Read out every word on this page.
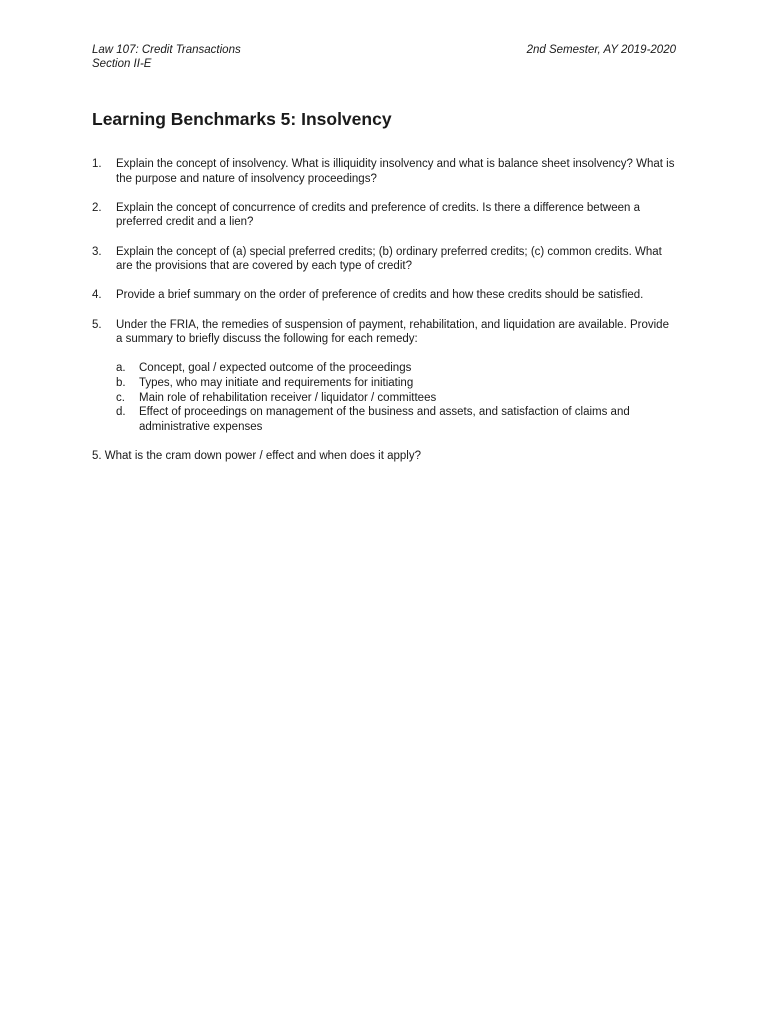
Law 107: Credit Transactions	2nd Semester, AY 2019-2020
Section II-E
Learning Benchmarks 5: Insolvency
1. Explain the concept of insolvency. What is illiquidity insolvency and what is balance sheet insolvency? What is the purpose and nature of insolvency proceedings?
2. Explain the concept of concurrence of credits and preference of credits. Is there a difference between a preferred credit and a lien?
3. Explain the concept of (a) special preferred credits; (b) ordinary preferred credits; (c) common credits. What are the provisions that are covered by each type of credit?
4. Provide a brief summary on the order of preference of credits and how these credits should be satisfied.
5. Under the FRIA, the remedies of suspension of payment, rehabilitation, and liquidation are available. Provide a summary to briefly discuss the following for each remedy:
a. Concept, goal / expected outcome of the proceedings
b. Types, who may initiate and requirements for initiating
c. Main role of rehabilitation receiver / liquidator / committees
d. Effect of proceedings on management of the business and assets, and satisfaction of claims and administrative expenses
5. What is the cram down power / effect and when does it apply?
